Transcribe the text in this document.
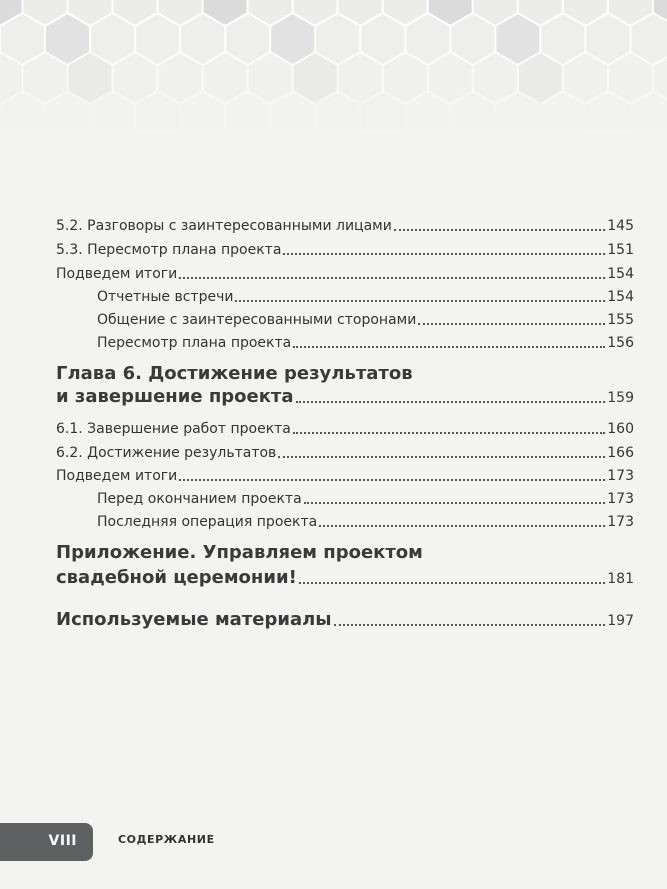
5.2. Разговоры с заинтересованными лицами	145
5.3. Пересмотр плана проекта	151
Подведем итоги	154
Отчетные встречи	154
Общение с заинтересованными сторонами	155
Пересмотр плана проекта	156
Глава 6. Достижение результатов
и завершение проекта	159
6.1. Завершение работ проекта	160
6.2. Достижение результатов	166
Подведем итоги	173
Перед окончанием проекта	173
Последняя операция проекта	173
Приложение. Управляем проектом
свадебной церемонии!	181
Используемые материалы	197
VIII	СОДЕРЖАНИЕ
